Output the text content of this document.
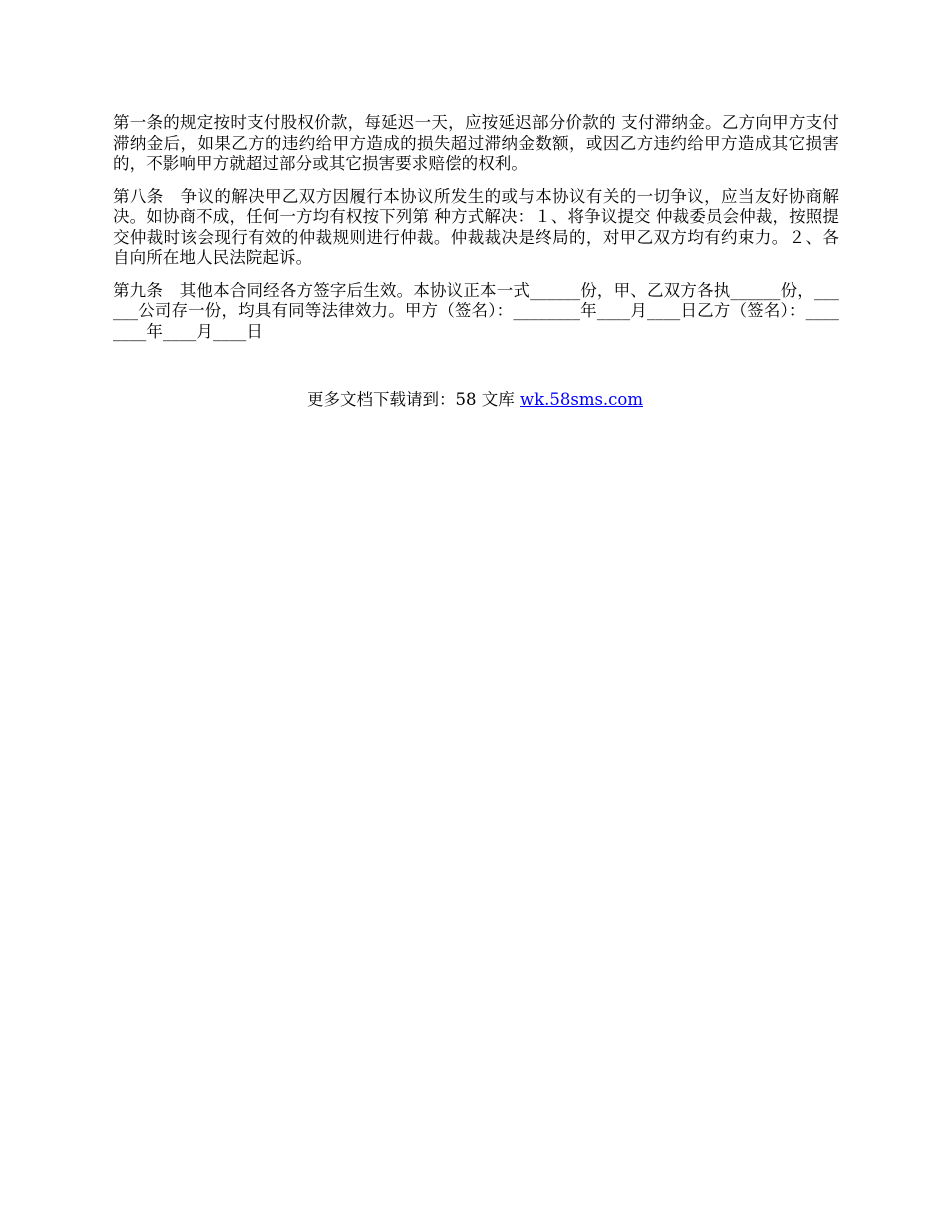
第一条的规定按时支付股权价款，每延迟一天，应按延迟部分价款的 支付滞纳金。乙方向甲方支付滞纳金后，如果乙方的违约给甲方造成的损失超过滞纳金数额，或因乙方违约给甲方造成其它损害的，不影响甲方就超过部分或其它损害要求赔偿的权利。

第八条　争议的解决甲乙双方因履行本协议所发生的或与本协议有关的一切争议，应当友好协商解决。如协商不成，任何一方均有权按下列第 种方式解决：１、将争议提交 仲裁委员会仲裁，按照提交仲裁时该会现行有效的仲裁规则进行仲裁。仲裁裁决是终局的，对甲乙双方均有约束力。２、各自向所在地人民法院起诉。

第九条　其他本合同经各方签字后生效。本协议正本一式______份，甲、乙双方各执______份，______公司存一份，均具有同等法律效力。甲方（签名）：________年____月____日乙方（签名）：________年____月____日

更多文档下载请到：58 文库 wk.58sms.com
